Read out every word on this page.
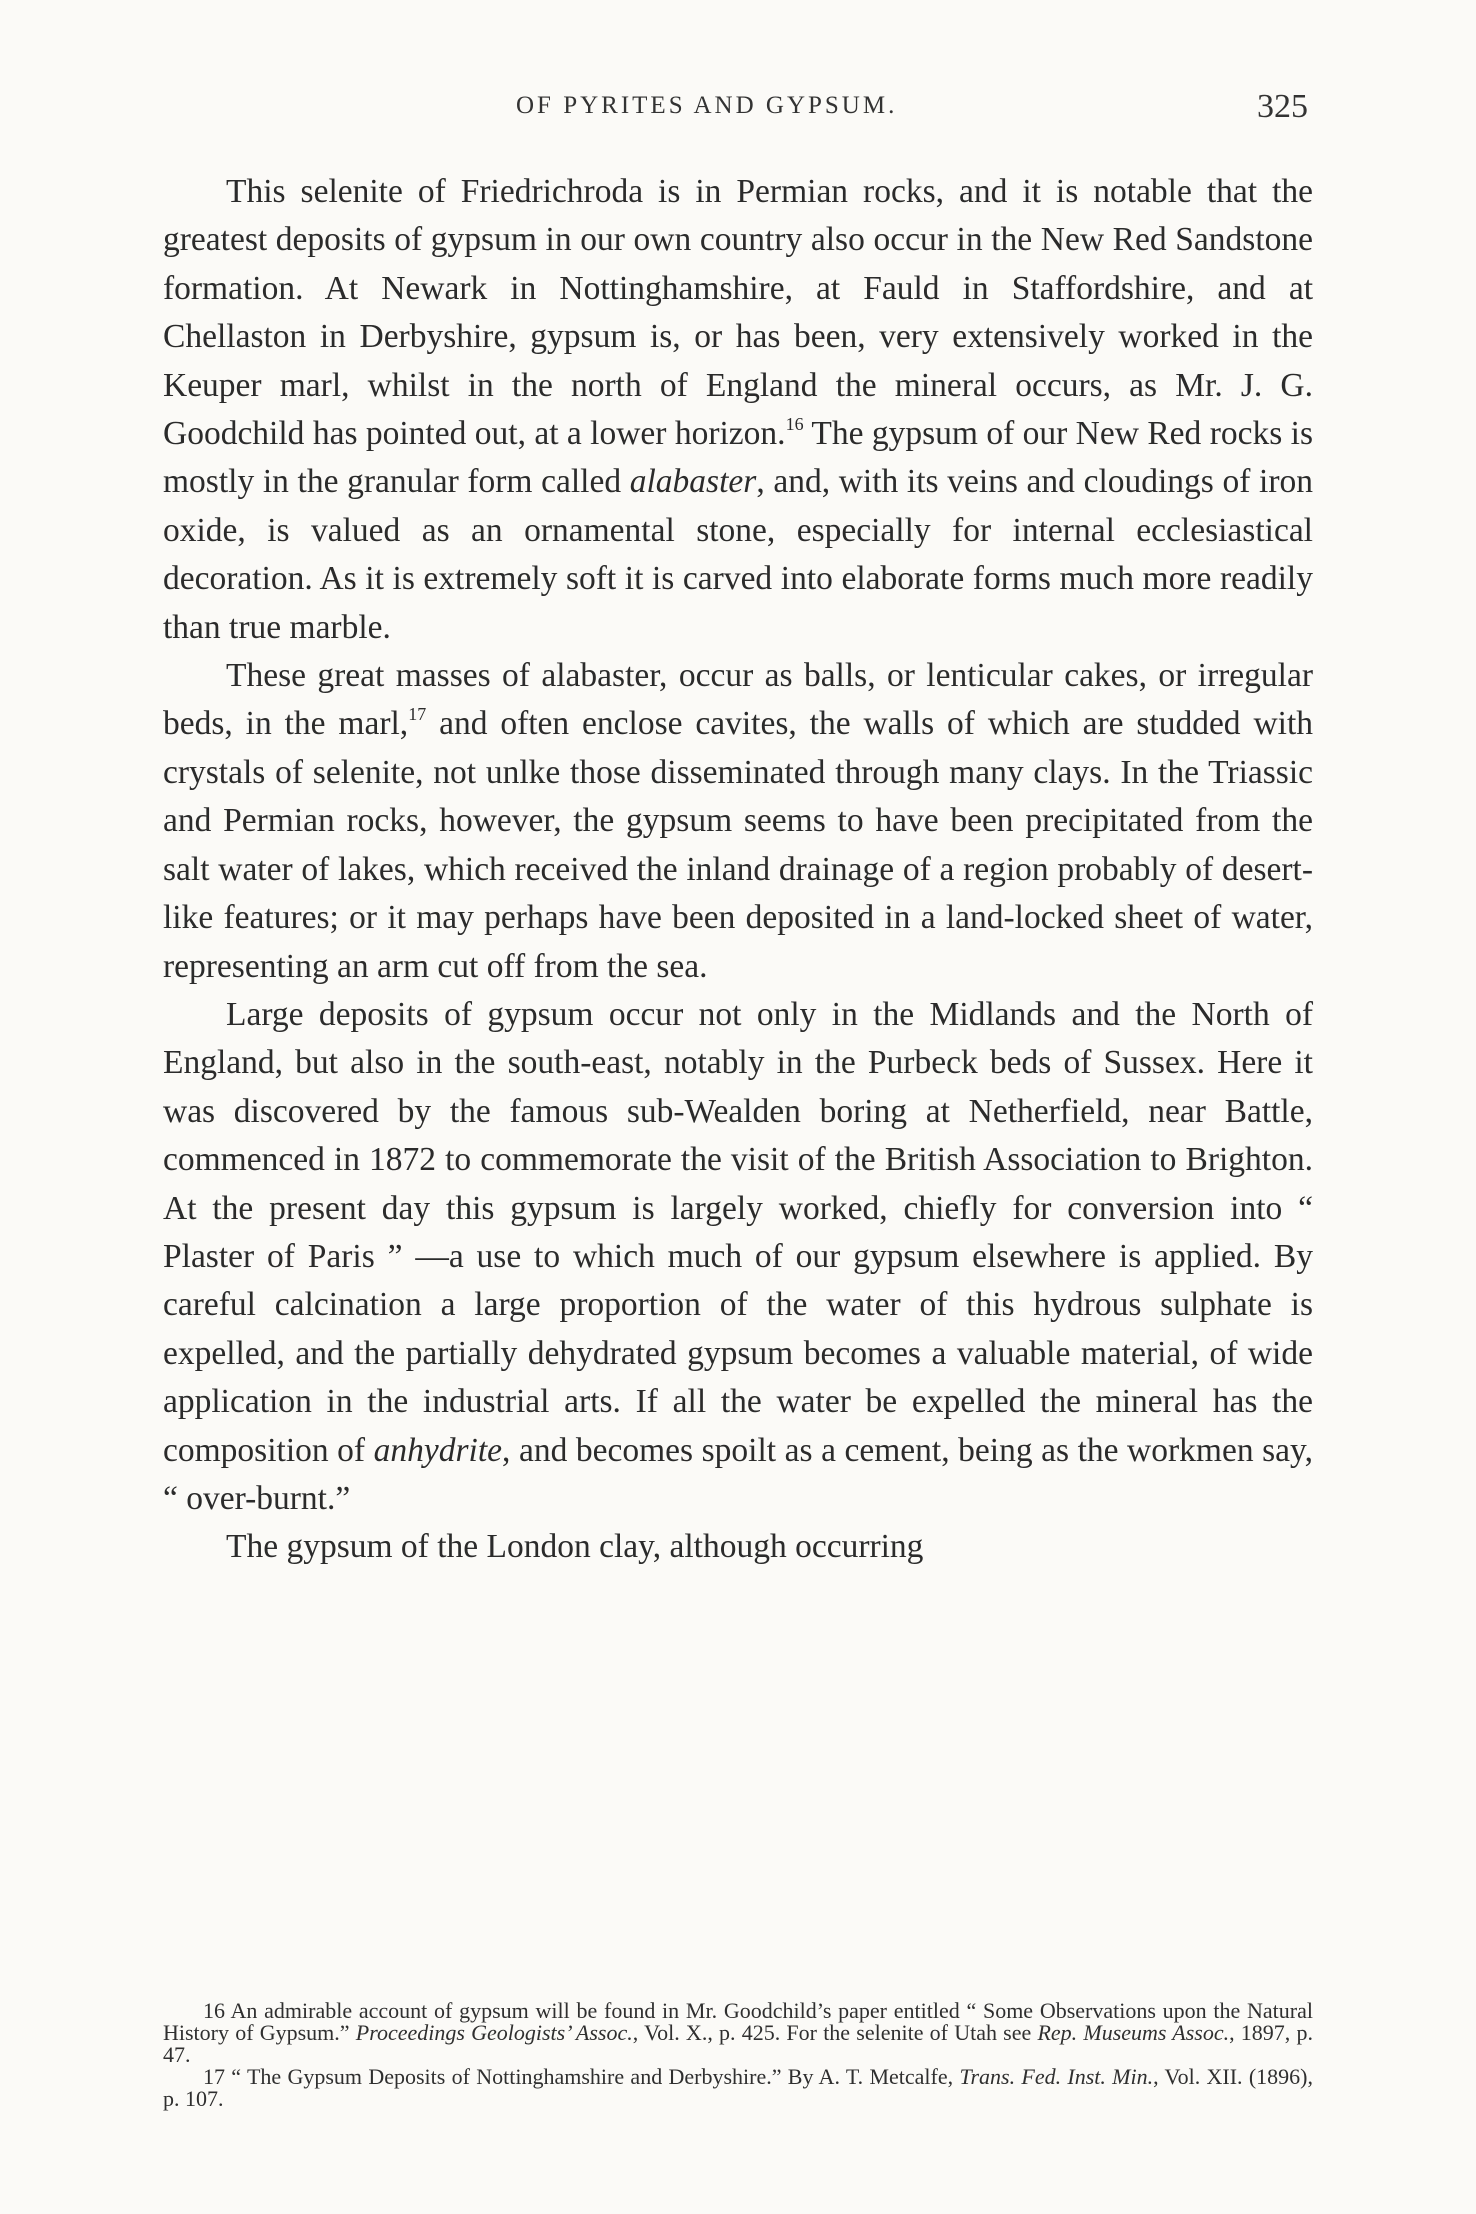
OF PYRITES AND GYPSUM.	325

This selenite of Friedrichroda is in Permian rocks, and it is notable that the greatest deposits of gypsum in our own country also occur in the New Red Sandstone formation. At Newark in Nottinghamshire, at Fauld in Staffordshire, and at Chellaston in Derbyshire, gypsum is, or has been, very extensively worked in the Keuper marl, whilst in the north of England the mineral occurs, as Mr. J. G. Goodchild has pointed out, at a lower horizon.$^{16}$ The gypsum of our New Red rocks is mostly in the granular form called alabaster, and, with its veins and cloudings of iron oxide, is valued as an ornamental stone, especially for internal ecclesiastical decoration. As it is extremely soft it is carved into elaborate forms much more readily than true marble.

These great masses of alabaster, occur as balls, or lenticular cakes, or irregular beds, in the marl,$^{17}$ and often enclose cavites, the walls of which are studded with crystals of selenite, not unlke those disseminated through many clays. In the Triassic and Permian rocks, however, the gypsum seems to have been precipitated from the salt water of lakes, which received the inland drainage of a region probably of desert-like features; or it may perhaps have been deposited in a land-locked sheet of water, representing an arm cut off from the sea.

Large deposits of gypsum occur not only in the Midlands and the North of England, but also in the south-east, notably in the Purbeck beds of Sussex. Here it was discovered by the famous sub-Wealden boring at Netherfield, near Battle, commenced in 1872 to commemorate the visit of the British Association to Brighton. At the present day this gypsum is largely worked, chiefly for conversion into “ Plaster of Paris ” —a use to which much of our gypsum elsewhere is applied. By careful calcination a large proportion of the water of this hydrous sulphate is expelled, and the partially dehydrated gypsum becomes a valuable material, of wide application in the industrial arts. If all the water be expelled the mineral has the composition of anhydrite, and becomes spoilt as a cement, being as the workmen say, “ over-burnt.”

The gypsum of the London clay, although occurring

16 An admirable account of gypsum will be found in Mr. Goodchild’s paper entitled “ Some Observations upon the Natural History of Gypsum.” Proceedings Geologists’ Assoc., Vol. X., p. 425. For the selenite of Utah see Rep. Museums Assoc., 1897, p. 47.

17 “ The Gypsum Deposits of Nottinghamshire and Derbyshire.” By A. T. Metcalfe, Trans. Fed. Inst. Min., Vol. XII. (1896), p. 107.
